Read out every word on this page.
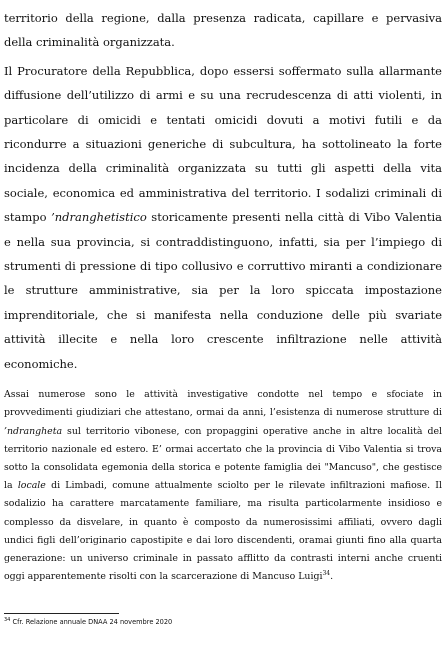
territorio della regione, dalla presenza radicata, capillare e pervasiva della criminalità organizzata.

Il Procuratore della Repubblica, dopo essersi soffermato sulla allarmante diffusione dell’utilizzo di armi e su una recrudescenza di atti violenti, in particolare di omicidi e tentati omicidi dovuti a motivi futili e da ricondurre a situazioni generiche di subcultura, ha sottolineato la forte incidenza della criminalità organizzata su tutti gli aspetti della vita sociale, economica ed amministrativa del territorio. I sodalizi criminali di stampo ’ndranghetistico storicamente presenti nella città di Vibo Valentia e nella sua provincia, si contraddistinguono, infatti, sia per l’impiego di strumenti di pressione di tipo collusivo e corruttivo miranti a condizionare le strutture amministrative, sia per la loro spiccata impostazione imprenditoriale, che si manifesta nella conduzione delle più svariate attività illecite e nella loro crescente infiltrazione nelle attività economiche.

Assai numerose sono le attività investigative condotte nel tempo e sfociate in provvedimenti giudiziari che attestano, ormai da anni, l’esistenza di numerose strutture di ’ndrangheta sul territorio vibonese, con propaggini operative anche in altre località del territorio nazionale ed estero. E’ ormai accertato che la provincia di Vibo Valentia si trova sotto la consolidata egemonia della storica e potente famiglia dei "Mancuso", che gestisce la locale di Limbadi, comune attualmente sciolto per le rilevate infiltrazioni mafiose. Il sodalizio ha carattere marcatamente familiare, ma risulta particolarmente insidioso e complesso da disvelare, in quanto è composto da numerosissimi affiliati, ovvero dagli undici figli dell’originario capostipite e dai loro discendenti, oramai giunti fino alla quarta generazione: un universo criminale in passato afflitto da contrasti interni anche cruenti oggi apparentemente risolti con la scarcerazione di Mancuso Luigi$^{34}$.

$^{34}$ Cfr. Relazione annuale DNAA 24 novembre 2020
